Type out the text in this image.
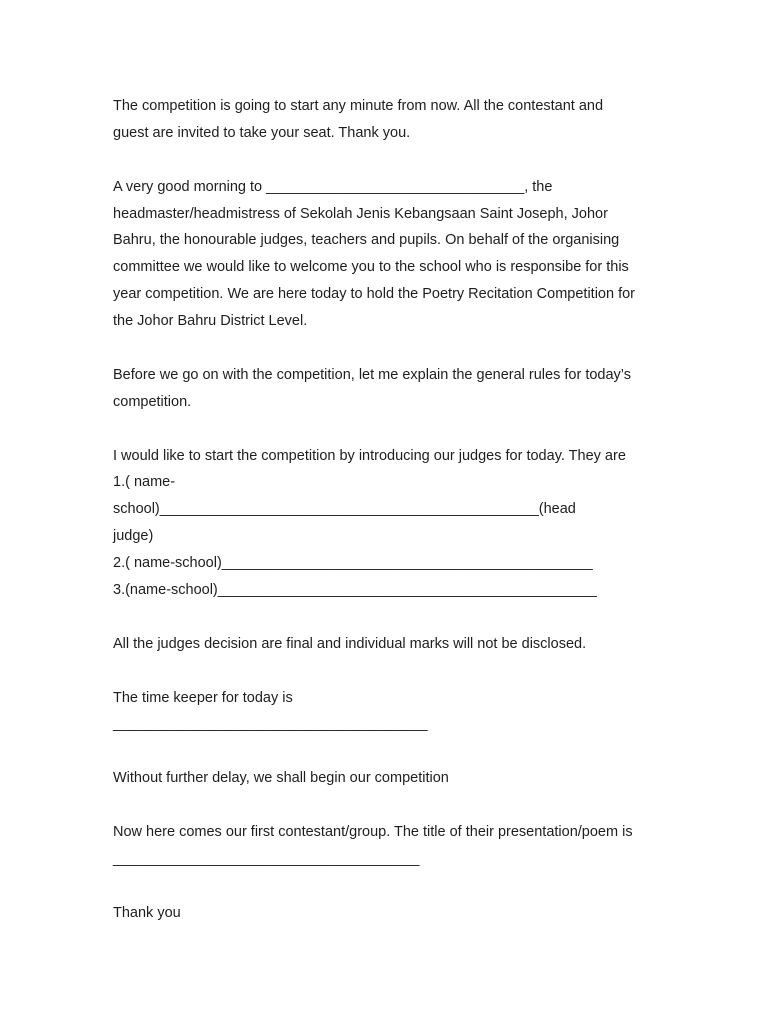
The competition is going to start any minute from now. All the contestant and
guest are invited to take your seat. Thank you.
A very good morning to ________________________________, the
headmaster/headmistress of Sekolah Jenis Kebangsaan Saint Joseph, Johor
Bahru, the honourable judges, teachers and pupils. On behalf of the organising
committee we would like to welcome you to the school who is responsibe for this
year competition. We are here today to hold the Poetry Recitation Competition for
the Johor Bahru District Level.
Before we go on with the competition, let me explain the general rules for today’s
competition.
I would like to start the competition by introducing our judges for today. They are
1.( name-
school)_______________________________________________(head
judge)
2.( name-school)______________________________________________
3.(name-school)_______________________________________________
All the judges decision are final and individual marks will not be disclosed.
The time keeper for today is
_______________________________________
Without further delay, we shall begin our competition
Now here comes our first contestant/group. The title of their presentation/poem is
______________________________________
Thank you
